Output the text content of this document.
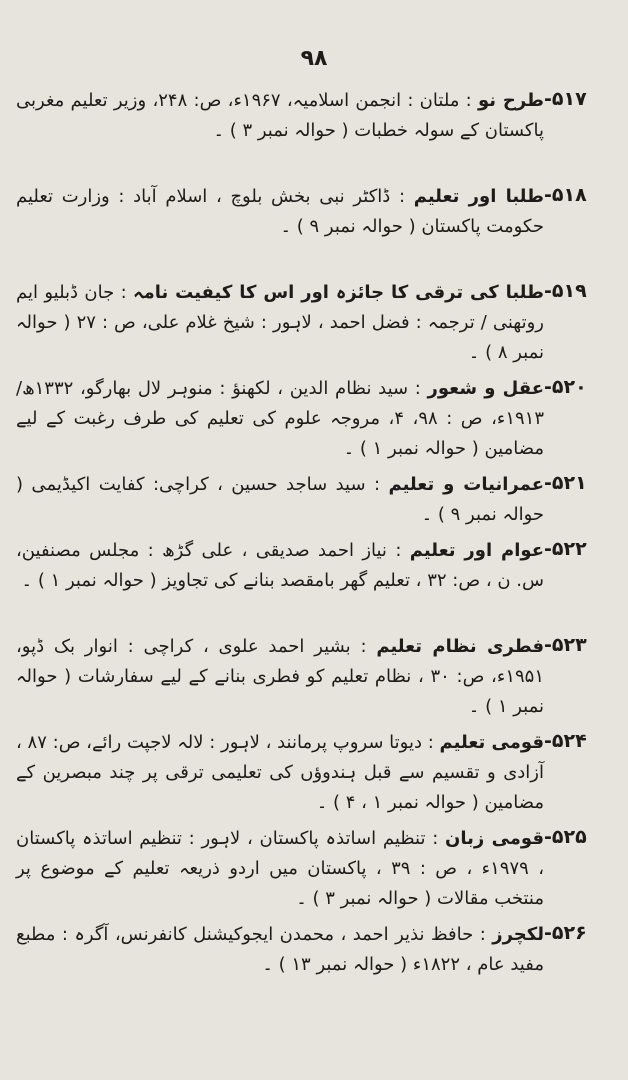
۹۸
-۵۱۷
طرح نو : ملتان : انجمن اسلامیہ، ۱۹۶۷ء، ص: ۲۴۸، وزیر تعلیم مغربی پاکستان کے سولہ خطبات ( حوالہ نمبر ۳ ) ۔
-۵۱۸
طلبا اور تعلیم : ڈاکٹر نبی بخش بلوچ ، اسلام آباد : وزارت تعلیم حکومت پاکستان ( حوالہ نمبر ۹ ) ۔
-۵۱۹
طلبا کی ترقی کا جائزہ اور اس کا کیفیت نامہ : جان ڈبلیو ایم روتھنی / ترجمہ : فضل احمد ، لاہور : شیخ غلام علی، ص : ۲۷ ( حوالہ نمبر ۸ ) ۔
-۵۲۰
عقل و شعور : سید نظام الدین ، لکھنؤ : منوہر لال بھارگو، ۱۳۳۲ھ/۱۹۱۳ء، ص : ۹۸، ۴، مروجہ علوم کی تعلیم کی طرف رغبت کے لیے مضامین ( حوالہ نمبر ۱ ) ۔
-۵۲۱
عمرانیات و تعلیم : سید ساجد حسین ، کراچی: کفایت اکیڈیمی ( حوالہ نمبر ۹ ) ۔
-۵۲۲
عوام اور تعلیم : نیاز احمد صدیقی ، علی گڑھ : مجلس مصنفین، س. ن ، ص: ۳۲ ، تعلیم گھر بامقصد بنانے کی تجاویز ( حوالہ نمبر ۱ ) ۔
-۵۲۳
فطری نظام تعلیم : بشیر احمد علوی ، کراچی : انوار بک ڈپو، ۱۹۵۱ء، ص: ۳۰ ، نظام تعلیم کو فطری بنانے کے لیے سفارشات ( حوالہ نمبر ۱ ) ۔
-۵۲۴
قومی تعلیم : دیوتا سروپ پرمانند ، لاہور : لالہ لاجپت رائے، ص: ۸۷ ، آزادی و تقسیم سے قبل ہندوؤں کی تعلیمی ترقی پر چند مبصرین کے مضامین ( حوالہ نمبر ۱ ، ۴ ) ۔
-۵۲۵
قومی زبان : تنظیم اساتذہ پاکستان ، لاہور : تنظیم اساتذہ پاکستان ، ۱۹۷۹ء ، ص : ۳۹ ، پاکستان میں اردو ذریعہ تعلیم کے موضوع پر منتخب مقالات ( حوالہ نمبر ۳ ) ۔
-۵۲۶
لکچرز : حافظ نذیر احمد ، محمدن ایجوکیشنل کانفرنس، آگرہ : مطبع مفید عام ، ۱۸۲۲ء ( حوالہ نمبر ۱۳ ) ۔
